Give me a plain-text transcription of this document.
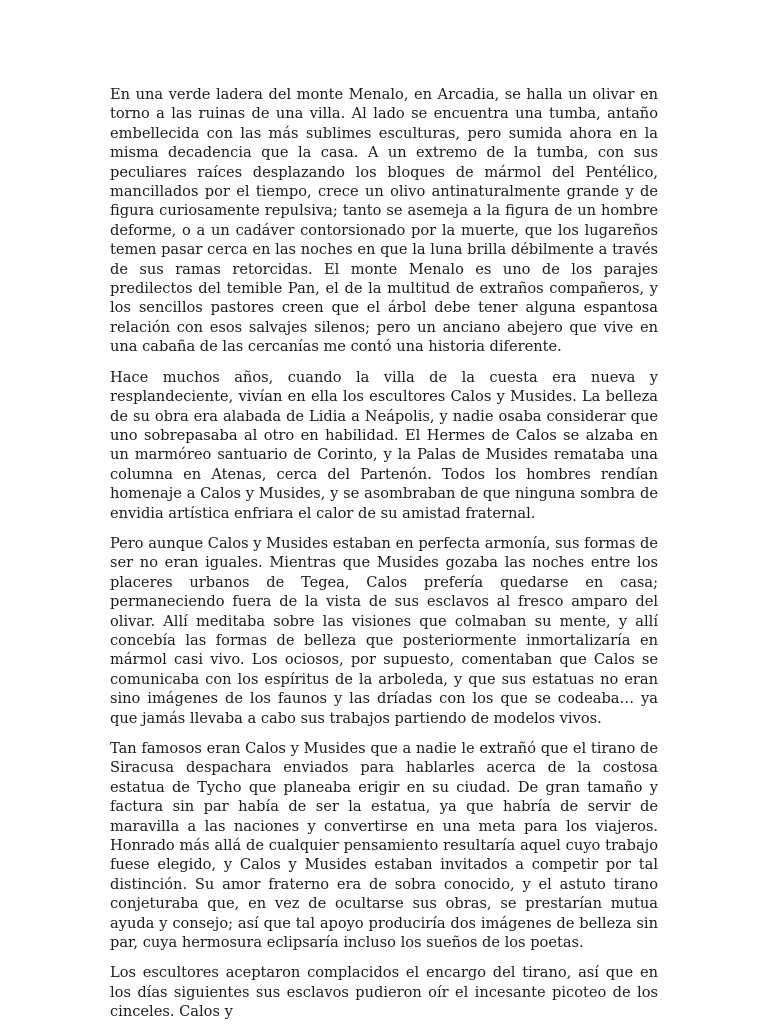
En una verde ladera del monte Menalo, en Arcadia, se halla un olivar en torno a las ruinas de una villa. Al lado se encuentra una tumba, antaño embellecida con las más sublimes esculturas, pero sumida ahora en la misma decadencia que la casa. A un extremo de la tumba, con sus peculiares raíces desplazando los bloques de mármol del Pentélico, mancillados por el tiempo, crece un olivo antinaturalmente grande y de figura curiosamente repulsiva; tanto se asemeja a la figura de un hombre deforme, o a un cadáver contorsionado por la muerte, que los lugareños temen pasar cerca en las noches en que la luna brilla débilmente a través de sus ramas retorcidas. El monte Menalo es uno de los parajes predilectos del temible Pan, el de la multitud de extraños compañeros, y los sencillos pastores creen que el árbol debe tener alguna espantosa relación con esos salvajes silenos; pero un anciano abejero que vive en una cabaña de las cercanías me contó una historia diferente.

Hace muchos años, cuando la villa de la cuesta era nueva y resplandeciente, vivían en ella los escultores Calos y Musides. La belleza de su obra era alabada de Lidia a Neápolis, y nadie osaba considerar que uno sobrepasaba al otro en habilidad. El Hermes de Calos se alzaba en un marmóreo santuario de Corinto, y la Palas de Musides remataba una columna en Atenas, cerca del Partenón. Todos los hombres rendían homenaje a Calos y Musides, y se asombraban de que ninguna sombra de envidia artística enfriara el calor de su amistad fraternal.

Pero aunque Calos y Musides estaban en perfecta armonía, sus formas de ser no eran iguales. Mientras que Musides gozaba las noches entre los placeres urbanos de Tegea, Calos prefería quedarse en casa; permaneciendo fuera de la vista de sus esclavos al fresco amparo del olivar. Allí meditaba sobre las visiones que colmaban su mente, y allí concebía las formas de belleza que posteriormente inmortalizaría en mármol casi vivo. Los ociosos, por supuesto, comentaban que Calos se comunicaba con los espíritus de la arboleda, y que sus estatuas no eran sino imágenes de los faunos y las dríadas con los que se codeaba… ya que jamás llevaba a cabo sus trabajos partiendo de modelos vivos.

Tan famosos eran Calos y Musides que a nadie le extrañó que el tirano de Siracusa despachara enviados para hablarles acerca de la costosa estatua de Tycho que planeaba erigir en su ciudad. De gran tamaño y factura sin par había de ser la estatua, ya que habría de servir de maravilla a las naciones y convertirse en una meta para los viajeros. Honrado más allá de cualquier pensamiento resultaría aquel cuyo trabajo fuese elegido, y Calos y Musides estaban invitados a competir por tal distinción. Su amor fraterno era de sobra conocido, y el astuto tirano conjeturaba que, en vez de ocultarse sus obras, se prestarían mutua ayuda y consejo; así que tal apoyo produciría dos imágenes de belleza sin par, cuya hermosura eclipsaría incluso los sueños de los poetas.

Los escultores aceptaron complacidos el encargo del tirano, así que en los días siguientes sus esclavos pudieron oír el incesante picoteo de los cinceles. Calos y
